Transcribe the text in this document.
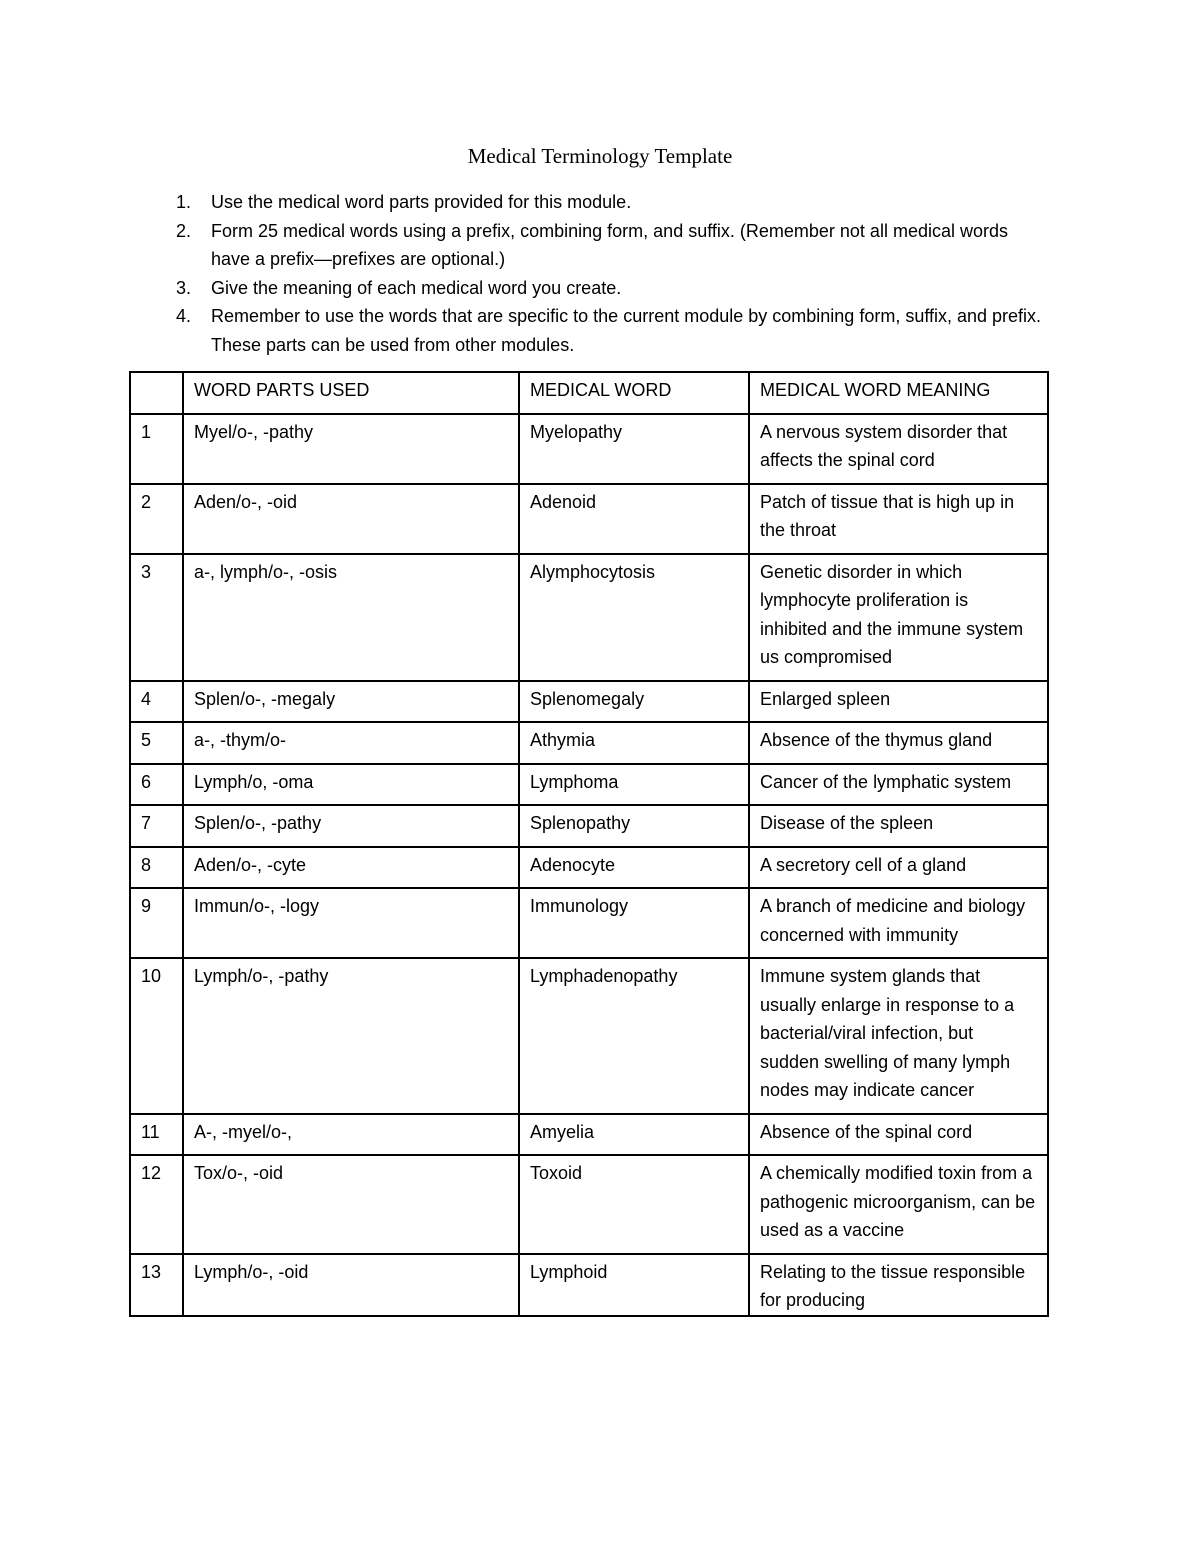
Medical Terminology Template
1. Use the medical word parts provided for this module.
2. Form 25 medical words using a prefix, combining form, and suffix. (Remember not all medical words have a prefix—prefixes are optional.)
3. Give the meaning of each medical word you create.
4. Remember to use the words that are specific to the current module by combining form, suffix, and prefix. These parts can be used from other modules.
	WORD PARTS USED	MEDICAL WORD	MEDICAL WORD MEANING
1	Myel/o-, -pathy	Myelopathy	A nervous system disorder that affects the spinal cord
2	Aden/o-, -oid	Adenoid	Patch of tissue that is high up in the throat
3	a-, lymph/o-, -osis	Alymphocytosis	Genetic disorder in which lymphocyte proliferation is inhibited and the immune system us compromised
4	Splen/o-, -megaly	Splenomegaly	Enlarged spleen
5	a-, -thym/o-	Athymia	Absence of the thymus gland
6	Lymph/o, -oma	Lymphoma	Cancer of the lymphatic system
7	Splen/o-, -pathy	Splenopathy	Disease of the spleen
8	Aden/o-, -cyte	Adenocyte	A secretory cell of a gland
9	Immun/o-, -logy	Immunology	A branch of medicine and biology concerned with immunity
10	Lymph/o-, -pathy	Lymphadenopathy	Immune system glands that usually enlarge in response to a bacterial/viral infection, but sudden swelling of many lymph nodes may indicate cancer
11	A-, -myel/o-,	Amyelia	Absence of the spinal cord
12	Tox/o-, -oid	Toxoid	A chemically modified toxin from a pathogenic microorganism, can be used as a vaccine
13	Lymph/o-, -oid	Lymphoid	Relating to the tissue responsible for producing
